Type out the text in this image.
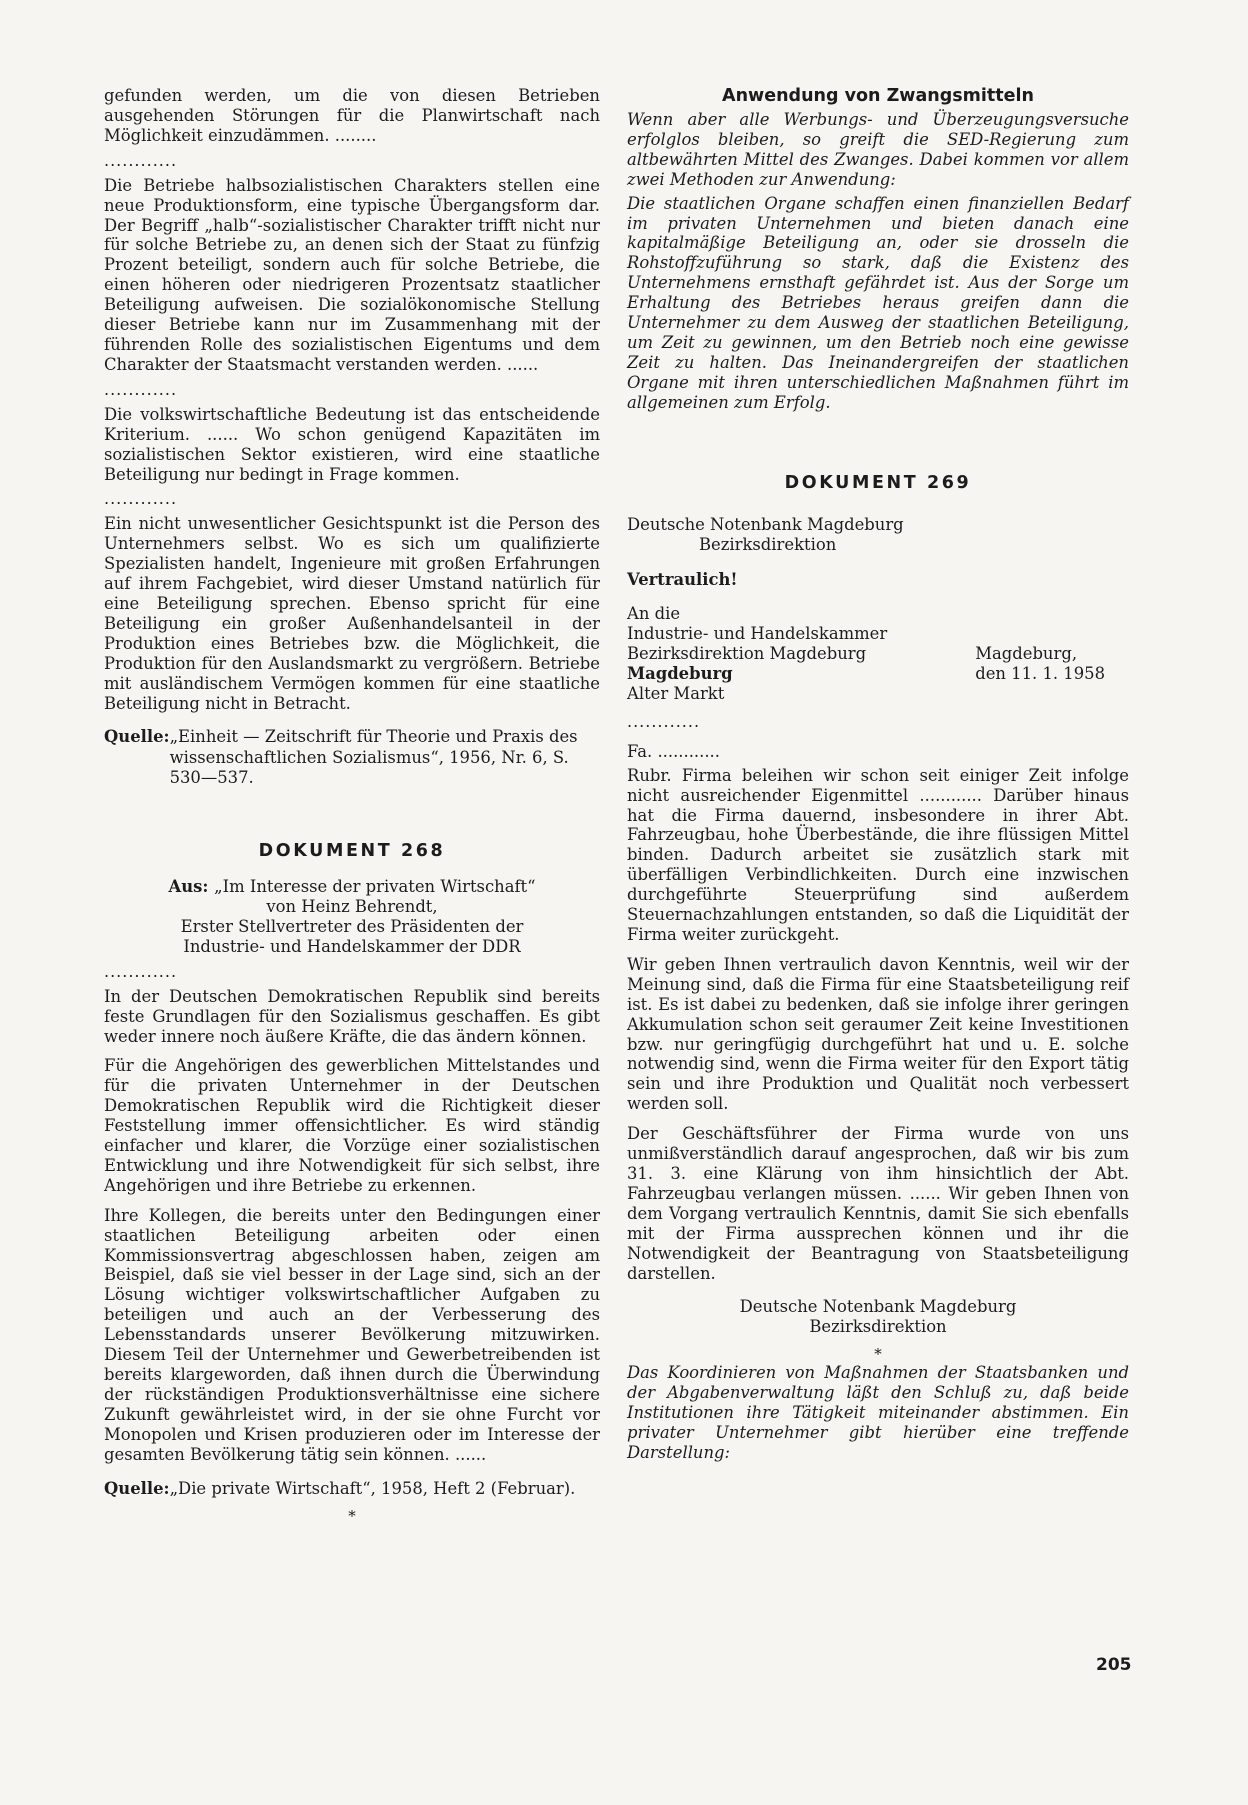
gefunden werden, um die von diesen Betrieben ausgehenden Störungen für die Planwirtschaft nach Möglichkeit einzudämmen. ........

............

Die Betriebe halbsozialistischen Charakters stellen eine neue Produktionsform, eine typische Übergangsform dar. Der Begriff „halb“-sozialistischer Charakter trifft nicht nur für solche Betriebe zu, an denen sich der Staat zu fünfzig Prozent beteiligt, sondern auch für solche Betriebe, die einen höheren oder niedrigeren Prozentsatz staatlicher Beteiligung aufweisen. Die sozialökonomische Stellung dieser Betriebe kann nur im Zusammenhang mit der führenden Rolle des sozialistischen Eigentums und dem Charakter der Staatsmacht verstanden werden. ......

............

Die volkswirtschaftliche Bedeutung ist das entscheidende Kriterium. ...... Wo schon genügend Kapazitäten im sozialistischen Sektor existieren, wird eine staatliche Beteiligung nur bedingt in Frage kommen.

............

Ein nicht unwesentlicher Gesichtspunkt ist die Person des Unternehmers selbst. Wo es sich um qualifizierte Spezialisten handelt, Ingenieure mit großen Erfahrungen auf ihrem Fachgebiet, wird dieser Umstand natürlich für eine Beteiligung sprechen. Ebenso spricht für eine Beteiligung ein großer Außenhandelsanteil in der Produktion eines Betriebes bzw. die Möglichkeit, die Produktion für den Auslandsmarkt zu vergrößern. Betriebe mit ausländischem Vermögen kommen für eine staatliche Beteiligung nicht in Betracht.

Quelle: „Einheit — Zeitschrift für Theorie und Praxis des wissenschaftlichen Sozialismus“, 1956, Nr. 6, S. 530—537.
DOKUMENT 268
Aus: „Im Interesse der privaten Wirtschaft“

von Heinz Behrendt,

Erster Stellvertreter des Präsidenten der Industrie- und Handelskammer der DDR

............

In der Deutschen Demokratischen Republik sind bereits feste Grundlagen für den Sozialismus geschaffen. Es gibt weder innere noch äußere Kräfte, die das ändern können.

Für die Angehörigen des gewerblichen Mittelstandes und für die privaten Unternehmer in der Deutschen Demokratischen Republik wird die Richtigkeit dieser Feststellung immer offensichtlicher. Es wird ständig einfacher und klarer, die Vorzüge einer sozialistischen Entwicklung und ihre Notwendigkeit für sich selbst, ihre Angehörigen und ihre Betriebe zu erkennen.

Ihre Kollegen, die bereits unter den Bedingungen einer staatlichen Beteiligung arbeiten oder einen Kommissionsvertrag abgeschlossen haben, zeigen am Beispiel, daß sie viel besser in der Lage sind, sich an der Lösung wichtiger volkswirtschaftlicher Aufgaben zu beteiligen und auch an der Verbesserung des Lebensstandards unserer Bevölkerung mitzuwirken. Diesem Teil der Unternehmer und Gewerbetreibenden ist bereits klargeworden, daß ihnen durch die Überwindung der rückständigen Produktionsverhältnisse eine sichere Zukunft gewährleistet wird, in der sie ohne Furcht vor Monopolen und Krisen produzieren oder im Interesse der gesamten Bevölkerung tätig sein können. ......

Quelle: „Die private Wirtschaft“, 1958, Heft 2 (Februar).
*
Anwendung von Zwangsmitteln

Wenn aber alle Werbungs- und Überzeugungsversuche erfolglos bleiben, so greift die SED-Regierung zum altbewährten Mittel des Zwanges. Dabei kommen vor allem zwei Methoden zur Anwendung:

Die staatlichen Organe schaffen einen finanziellen Bedarf im privaten Unternehmen und bieten danach eine kapitalmäßige Beteiligung an, oder sie drosseln die Rohstoffzuführung so stark, daß die Existenz des Unternehmens ernsthaft gefährdet ist. Aus der Sorge um Erhaltung des Betriebes heraus greifen dann die Unternehmer zu dem Ausweg der staatlichen Beteiligung, um Zeit zu gewinnen, um den Betrieb noch eine gewisse Zeit zu halten. Das Ineinandergreifen der staatlichen Organe mit ihren unterschiedlichen Maßnahmen führt im allgemeinen zum Erfolg.

DOKUMENT 269

Deutsche Notenbank Magdeburg

Bezirksdirektion

Vertraulich!

An die

Industrie- und Handelskammer

Bezirksdirektion Magdeburg

Magdeburg

Alter Markt

Magdeburg,

den 11. 1. 1958

............

Fa. ............

Rubr. Firma beleihen wir schon seit einiger Zeit infolge nicht ausreichender Eigenmittel ............ Darüber hinaus hat die Firma dauernd, insbesondere in ihrer Abt. Fahrzeugbau, hohe Überbestände, die ihre flüssigen Mittel binden. Dadurch arbeitet sie zusätzlich stark mit überfälligen Verbindlichkeiten. Durch eine inzwischen durchgeführte Steuerprüfung sind außerdem Steuernachzahlungen entstanden, so daß die Liquidität der Firma weiter zurückgeht.

Wir geben Ihnen vertraulich davon Kenntnis, weil wir der Meinung sind, daß die Firma für eine Staatsbeteiligung reif ist. Es ist dabei zu bedenken, daß sie infolge ihrer geringen Akkumulation schon seit geraumer Zeit keine Investitionen bzw. nur geringfügig durchgeführt hat und u. E. solche notwendig sind, wenn die Firma weiter für den Export tätig sein und ihre Produktion und Qualität noch verbessert werden soll.

Der Geschäftsführer der Firma wurde von uns unmißverständlich darauf angesprochen, daß wir bis zum 31. 3. eine Klärung von ihm hinsichtlich der Abt. Fahrzeugbau verlangen müssen. ...... Wir geben Ihnen von dem Vorgang vertraulich Kenntnis, damit Sie sich ebenfalls mit der Firma aussprechen können und ihr die Notwendigkeit der Beantragung von Staatsbeteiligung darstellen.

Deutsche Notenbank Magdeburg

Bezirksdirektion

*

Das Koordinieren von Maßnahmen der Staatsbanken und der Abgabenverwaltung läßt den Schluß zu, daß beide Institutionen ihre Tätigkeit miteinander abstimmen. Ein privater Unternehmer gibt hierüber eine treffende Darstellung:

205
